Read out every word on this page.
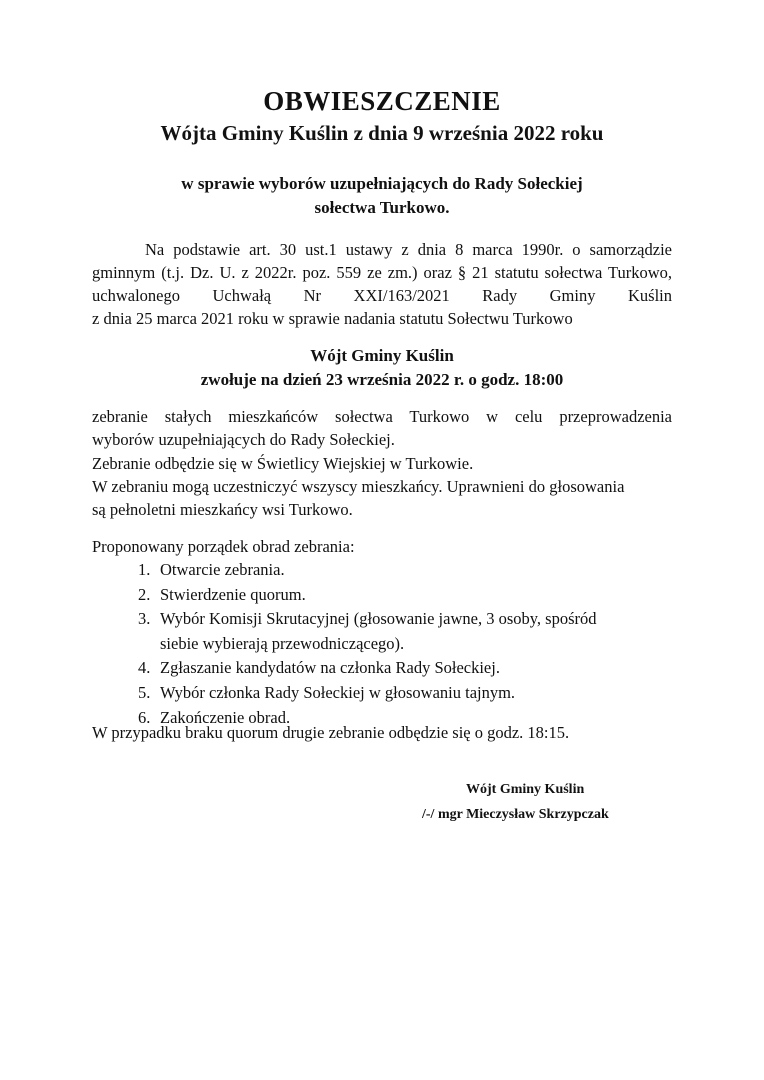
OBWIESZCZENIE
Wójta Gminy Kuślin z dnia 9 września 2022 roku
w sprawie wyborów uzupełniających do Rady Sołeckiej
sołectwa Turkowo.
Na podstawie art. 30 ust.1 ustawy z dnia 8 marca 1990r. o samorządzie
gminnym (t.j. Dz. U. z 2022r. poz. 559 ze zm.) oraz § 21 statutu sołectwa Turkowo,
uchwalonego Uchwałą Nr XXI/163/2021 Rady Gminy Kuślin
z dnia 25 marca 2021 roku w sprawie nadania statutu Sołectwu Turkowo
Wójt Gminy Kuślin
zwołuje na dzień 23 września 2022 r. o godz. 18:00
zebranie stałych mieszkańców sołectwa Turkowo w celu przeprowadzenia
wyborów uzupełniających do Rady Sołeckiej.
Zebranie odbędzie się w Świetlicy Wiejskiej w Turkowie.
W zebraniu mogą uczestniczyć wszyscy mieszkańcy. Uprawnieni do głosowania
są pełnoletni mieszkańcy wsi Turkowo.
Proponowany porządek obrad zebrania:
1. Otwarcie zebrania.
2. Stwierdzenie quorum.
3. Wybór Komisji Skrutacyjnej (głosowanie jawne, 3 osoby, spośród
siebie wybierają przewodniczącego).
4. Zgłaszanie kandydatów na członka Rady Sołeckiej.
5. Wybór członka Rady Sołeckiej w głosowaniu tajnym.
6. Zakończenie obrad.
W przypadku braku quorum drugie zebranie odbędzie się o godz. 18:15.
Wójt Gminy Kuślin
/-/ mgr Mieczysław Skrzypczak
